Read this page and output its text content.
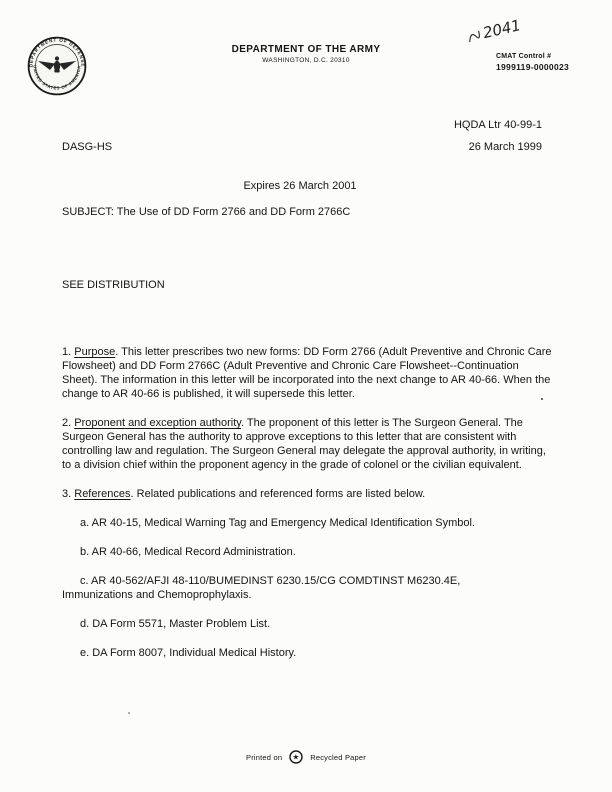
DEPARTMENT OF DEFENSE
UNITED STATES OF AMERICA
DEPARTMENT OF THE ARMY
WASHINGTON, D.C. 20310
2041
CMAT Control #
1999119-0000023
HQDA Ltr 40-99-1
DASG-HS	26 March 1999
Expires 26 March 2001
SUBJECT: The Use of DD Form 2766 and DD Form 2766C
SEE DISTRIBUTION

1. Purpose. This letter prescribes two new forms: DD Form 2766 (Adult Preventive and Chronic Care Flowsheet) and DD Form 2766C (Adult Preventive and Chronic Care Flowsheet--Continuation Sheet). The information in this letter will be incorporated into the next change to AR 40-66. When the change to AR 40-66 is published, it will supersede this letter.

2. Proponent and exception authority. The proponent of this letter is The Surgeon General. The Surgeon General has the authority to approve exceptions to this letter that are consistent with controlling law and regulation. The Surgeon General may delegate the approval authority, in writing, to a division chief within the proponent agency in the grade of colonel or the civilian equivalent.

3. References. Related publications and referenced forms are listed below.

a. AR 40-15, Medical Warning Tag and Emergency Medical Identification Symbol.

b. AR 40-66, Medical Record Administration.

c. AR 40-562/AFJI 48-110/BUMEDINST 6230.15/CG COMDTINST M6230.4E,
Immunizations and Chemoprophylaxis.

d. DA Form 5571, Master Problem List.

e. DA Form 8007, Individual Medical History.

Printed on ★ Recycled Paper
